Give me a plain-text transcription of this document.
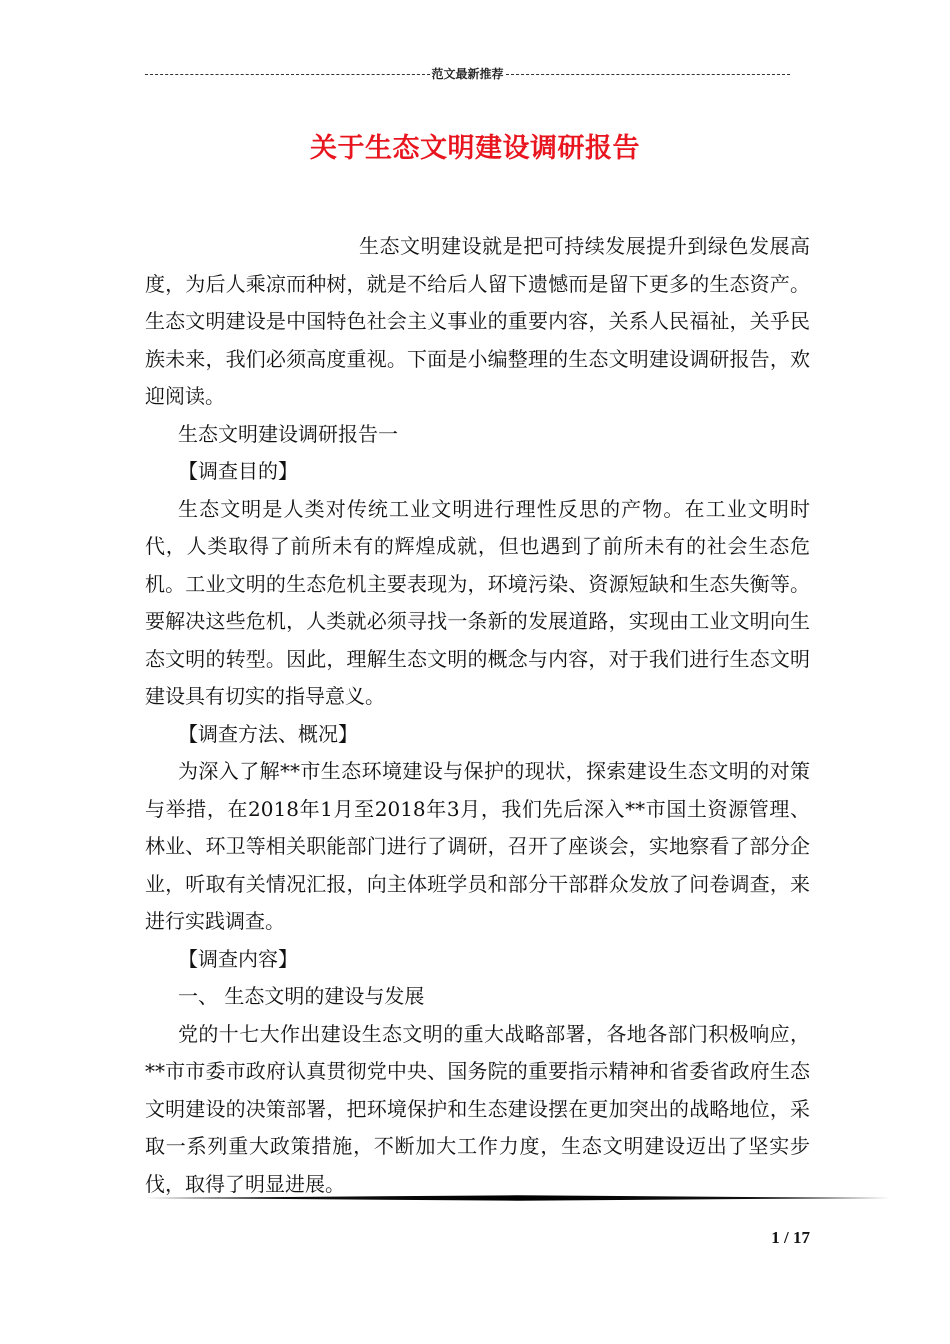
范文最新推荐
关于生态文明建设调研报告

生态文明建设就是把可持续发展提升到绿色发展高度，为后人乘凉而种树，就是不给后人留下遗憾而是留下更多的生态资产。生态文明建设是中国特色社会主义事业的重要内容，关系人民福祉，关乎民族未来，我们必须高度重视。下面是小编整理的生态文明建设调研报告，欢迎阅读。

生态文明建设调研报告一

【调查目的】

生态文明是人类对传统工业文明进行理性反思的产物。在工业文明时代，人类取得了前所未有的辉煌成就，但也遇到了前所未有的社会生态危机。工业文明的生态危机主要表现为，环境污染、资源短缺和生态失衡等。要解决这些危机，人类就必须寻找一条新的发展道路，实现由工业文明向生态文明的转型。因此，理解生态文明的概念与内容，对于我们进行生态文明建设具有切实的指导意义。

【调查方法、概况】

为深入了解**市生态环境建设与保护的现状，探索建设生态文明的对策与举措，在2018年1月至2018年3月，我们先后深入**市国土资源管理、林业、环卫等相关职能部门进行了调研，召开了座谈会，实地察看了部分企业，听取有关情况汇报，向主体班学员和部分干部群众发放了问卷调查，来进行实践调查。

【调查内容】

一、 生态文明的建设与发展

党的十七大作出建设生态文明的重大战略部署，各地各部门积极响应，**市市委市政府认真贯彻党中央、国务院的重要指示精神和省委省政府生态文明建设的决策部署，把环境保护和生态建设摆在更加突出的战略地位，采取一系列重大政策措施，不断加大工作力度，生态文明建设迈出了坚实步伐，取得了明显进展。

1 / 17
